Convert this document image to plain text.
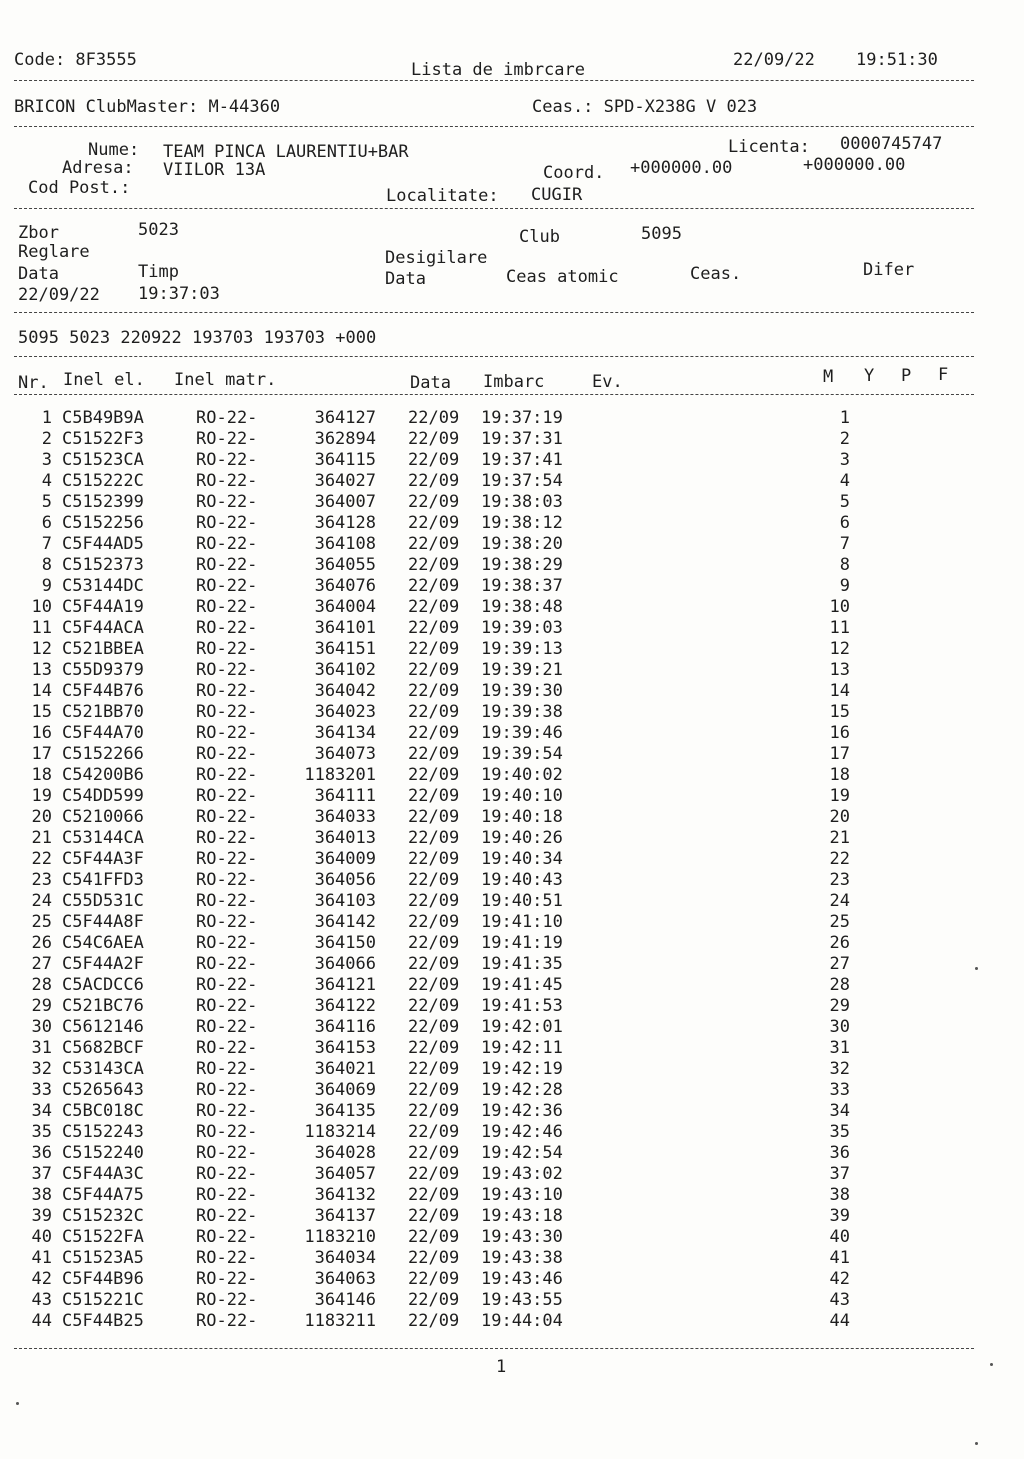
Code: 8F3555	Lista de imbrcare	22/09/22 19:51:30
BRICON ClubMaster: M-44360	Ceas.: SPD-X238G V 023
Nume: TEAM PINCA LAURENTIU+BAR	Licenta: 0000745747
Adresa: VIILOR 13A	Coord. +000000.00	+000000.00
Cod Post.:	Localitate: CUGIR
Zbor	5023	Club	5095
Reglare	Desigilare
Data	Timp	Data	Ceas atomic	Ceas.	Difer
22/09/22 19:37:03
5095 5023 220922 193703 193703 +000
Nr. Inel el. Inel matr.	Data Imbarc	Ev.	M Y P F
1 C5B49B9A	RO-22-	364127 22/09 19:37:19	1
2 C51522F3	RO-22-	362894 22/09 19:37:31	2
3 C51523CA	RO-22-	364115 22/09 19:37:41	3
4 C515222C	RO-22-	364027 22/09 19:37:54	4
5 C5152399	RO-22-	364007 22/09 19:38:03	5
6 C5152256	RO-22-	364128 22/09 19:38:12	6
7 C5F44AD5	RO-22-	364108 22/09 19:38:20	7
8 C5152373	RO-22-	364055 22/09 19:38:29	8
9 C53144DC	RO-22-	364076 22/09 19:38:37	9
10 C5F44A19	RO-22-	364004 22/09 19:38:48	10
11 C5F44ACA	RO-22-	364101 22/09 19:39:03	11
12 C521BBEA	RO-22-	364151 22/09 19:39:13	12
13 C55D9379	RO-22-	364102 22/09 19:39:21	13
14 C5F44B76	RO-22-	364042 22/09 19:39:30	14
15 C521BB70	RO-22-	364023 22/09 19:39:38	15
16 C5F44A70	RO-22-	364134 22/09 19:39:46	16
17 C5152266	RO-22-	364073 22/09 19:39:54	17
18 C54200B6	RO-22-	1183201 22/09 19:40:02	18
19 C54DD599	RO-22-	364111 22/09 19:40:10	19
20 C5210066	RO-22-	364033 22/09 19:40:18	20
21 C53144CA	RO-22-	364013 22/09 19:40:26	21
22 C5F44A3F	RO-22-	364009 22/09 19:40:34	22
23 C541FFD3	RO-22-	364056 22/09 19:40:43	23
24 C55D531C	RO-22-	364103 22/09 19:40:51	24
25 C5F44A8F	RO-22-	364142 22/09 19:41:10	25
26 C54C6AEA	RO-22-	364150 22/09 19:41:19	26
27 C5F44A2F	RO-22-	364066 22/09 19:41:35	27
28 C5ACDCC6	RO-22-	364121 22/09 19:41:45	28
29 C521BC76	RO-22-	364122 22/09 19:41:53	29
30 C5612146	RO-22-	364116 22/09 19:42:01	30
31 C5682BCF	RO-22-	364153 22/09 19:42:11	31
32 C53143CA	RO-22-	364021 22/09 19:42:19	32
33 C5265643	RO-22-	364069 22/09 19:42:28	33
34 C5BC018C	RO-22-	364135 22/09 19:42:36	34
35 C5152243	RO-22-	1183214 22/09 19:42:46	35
36 C5152240	RO-22-	364028 22/09 19:42:54	36
37 C5F44A3C	RO-22-	364057 22/09 19:43:02	37
38 C5F44A75	RO-22-	364132 22/09 19:43:10	38
39 C515232C	RO-22-	364137 22/09 19:43:18	39
40 C51522FA	RO-22-	1183210 22/09 19:43:30	40
41 C51523A5	RO-22-	364034 22/09 19:43:38	41
42 C5F44B96	RO-22-	364063 22/09 19:43:46	42
43 C515221C	RO-22-	364146 22/09 19:43:55	43
44 C5F44B25	RO-22-	1183211 22/09 19:44:04	44
1
